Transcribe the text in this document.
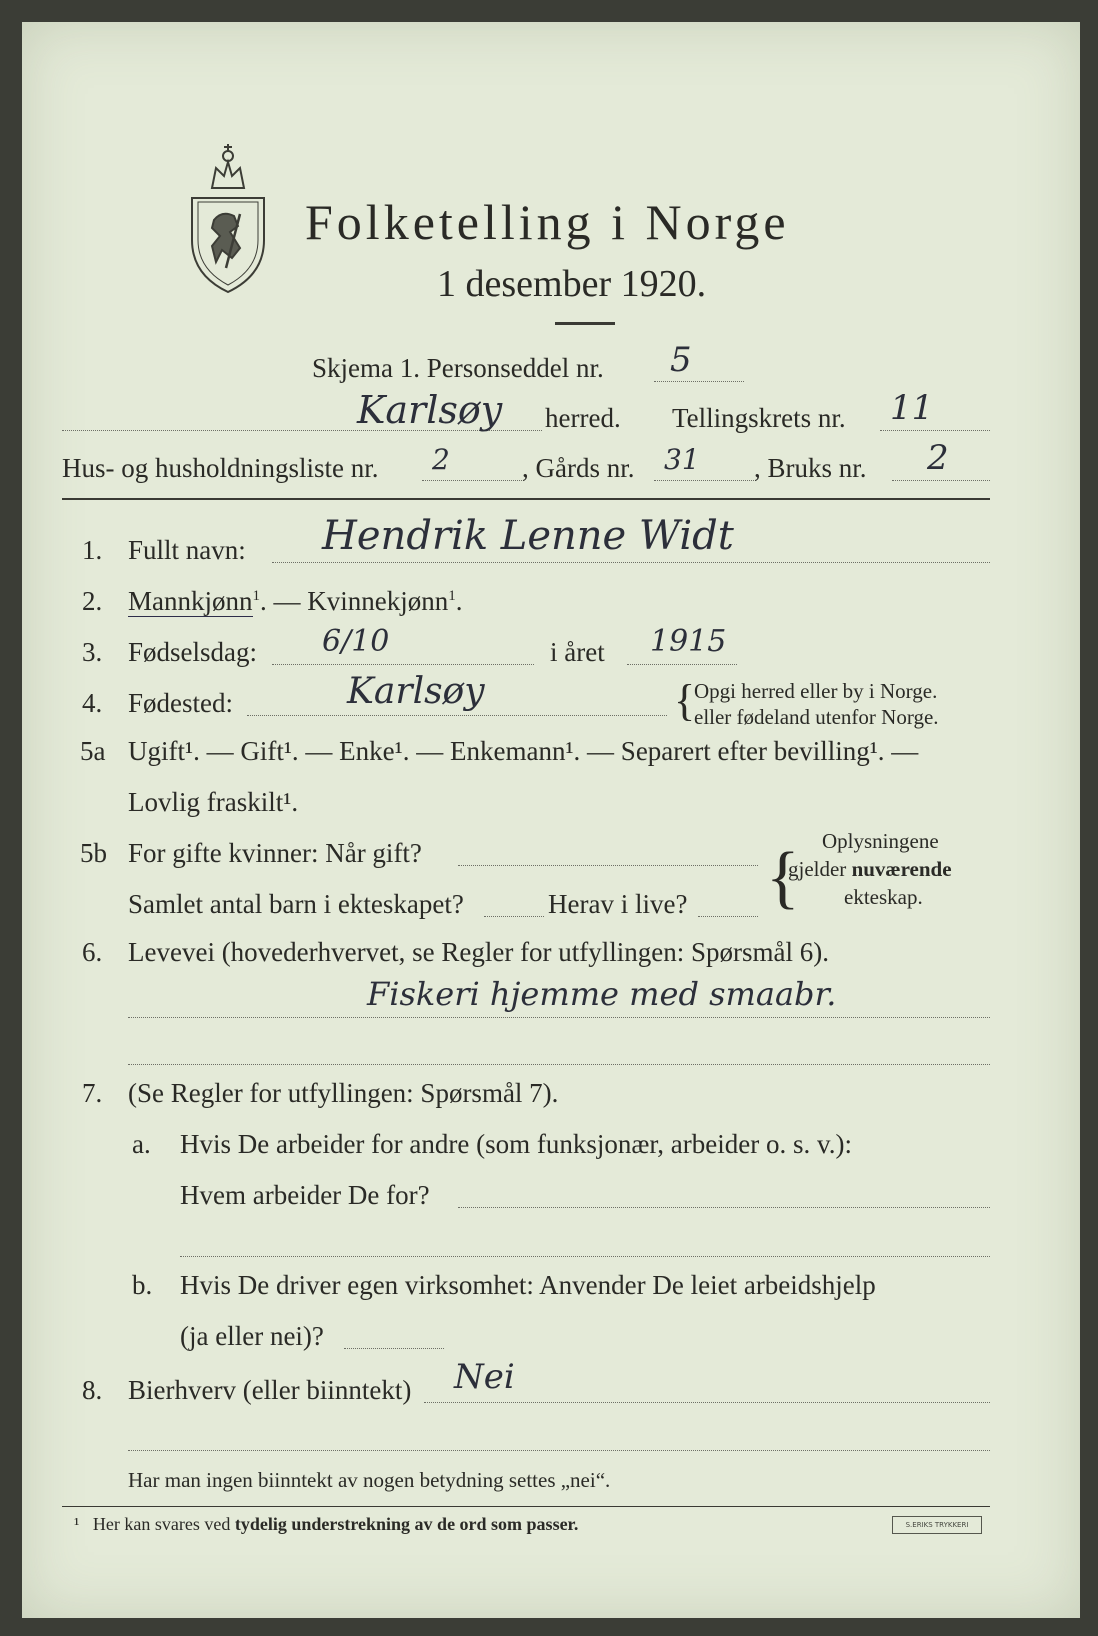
Folketelling i Norge
1 desember 1920.
Skjema 1. Personseddel nr. 5
Karlsøy herred. Tellingskrets nr. 11
Hus- og husholdningsliste nr. 2	, Gårds nr. 31 , Bruks nr. 2
1. Fullt navn: Hendrik Lenne Widt
2. Mannkjønn$^1$. — Kvinnekjønn$^1$.
3. Fødselsdag: 6/10	i året 1915
4. Fødested:	Karlsøy	{
Opgi herred eller by i Norge.
eller fødeland utenfor Norge.
5a Ugift¹. — Gift¹. — Enke¹. — Enkemann¹. — Separert efter bevilling¹. —
Lovlig fraskilt¹.
5b For gifte kvinner: Når gift?
Samlet antal barn i ekteskapet?	Herav i live? { Oplysningene
gjelder nuværende
ekteskap.
6. Levevei (hovederhvervet, se Regler for utfyllingen: Spørsmål 6).
Fiskeri hjemme med smaabr.
7. (Se Regler for utfyllingen: Spørsmål 7).
a. Hvis De arbeider for andre (som funksjonær, arbeider o. s. v.):
Hvem arbeider De for?
b. Hvis De driver egen virksomhet: Anvender De leiet arbeidshjelp
(ja eller nei)?
8. Bierhverv (eller biinntekt) Nei
Har man ingen biinntekt av nogen betydning settes „nei“.
¹ Her kan svares ved tydelig understrekning av de ord som passer.	S.ERIKS TRYKKERI
